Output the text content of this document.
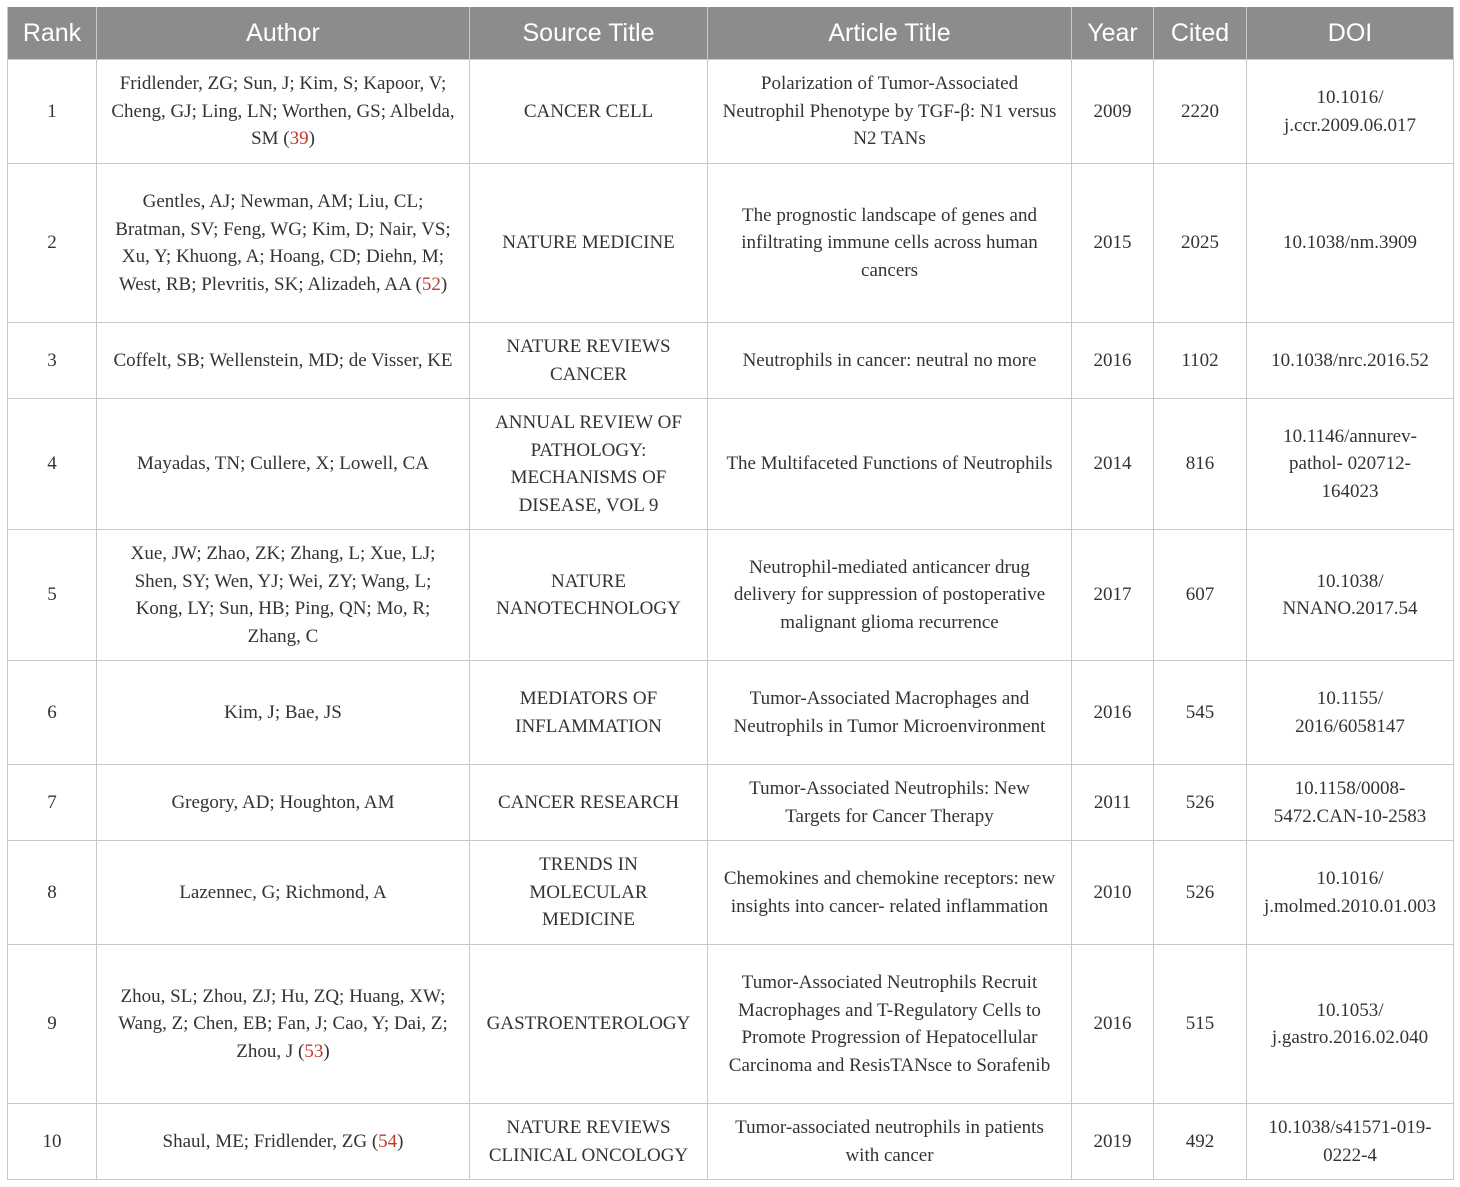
Rank	Author	Source Title	Article Title	Year	Cited	DOI
1	Fridlender, ZG; Sun, J; Kim, S; Kapoor, V; Cheng, GJ; Ling, LN; Worthen, GS; Albelda, SM (39)	CANCER CELL	Polarization of Tumor-Associated Neutrophil Phenotype by TGF-β: N1 versus N2 TANs	2009	2220	10.1016/ j.ccr.2009.06.017
2	Gentles, AJ; Newman, AM; Liu, CL; Bratman, SV; Feng, WG; Kim, D; Nair, VS; Xu, Y; Khuong, A; Hoang, CD; Diehn, M; West, RB; Plevritis, SK; Alizadeh, AA (52)	NATURE MEDICINE	The prognostic landscape of genes and infiltrating immune cells across human cancers	2015	2025	10.1038/nm.3909
3	Coffelt, SB; Wellenstein, MD; de Visser, KE	NATURE REVIEWS CANCER	Neutrophils in cancer: neutral no more	2016	1102	10.1038/nrc.2016.52
4	Mayadas, TN; Cullere, X; Lowell, CA	ANNUAL REVIEW OF PATHOLOGY: MECHANISMS OF DISEASE, VOL 9	The Multifaceted Functions of Neutrophils	2014	816	10.1146/annurev- pathol- 020712-164023
5	Xue, JW; Zhao, ZK; Zhang, L; Xue, LJ; Shen, SY; Wen, YJ; Wei, ZY; Wang, L; Kong, LY; Sun, HB; Ping, QN; Mo, R; Zhang, C	NATURE NANOTECHNOLOGY	Neutrophil-mediated anticancer drug delivery for suppression of postoperative malignant glioma recurrence	2017	607	10.1038/ NNANO.2017.54
6	Kim, J; Bae, JS	MEDIATORS OF INFLAMMATION	Tumor-Associated Macrophages and Neutrophils in Tumor Microenvironment	2016	545	10.1155/ 2016/6058147
7	Gregory, AD; Houghton, AM	CANCER RESEARCH	Tumor-Associated Neutrophils: New Targets for Cancer Therapy	2011	526	10.1158/0008- 5472.CAN-10-2583
8	Lazennec, G; Richmond, A	TRENDS IN MOLECULAR MEDICINE	Chemokines and chemokine receptors: new insights into cancer- related inflammation	2010	526	10.1016/ j.molmed.2010.01.003
9	Zhou, SL; Zhou, ZJ; Hu, ZQ; Huang, XW; Wang, Z; Chen, EB; Fan, J; Cao, Y; Dai, Z; Zhou, J (53)	GASTROENTEROLOGY	Tumor-Associated Neutrophils Recruit Macrophages and T-Regulatory Cells to Promote Progression of Hepatocellular Carcinoma and ResisTANsce to Sorafenib	2016	515	10.1053/ j.gastro.2016.02.040
10	Shaul, ME; Fridlender, ZG (54)	NATURE REVIEWS CLINICAL ONCOLOGY	Tumor-associated neutrophils in patients with cancer	2019	492	10.1038/s41571-019- 0222-4
